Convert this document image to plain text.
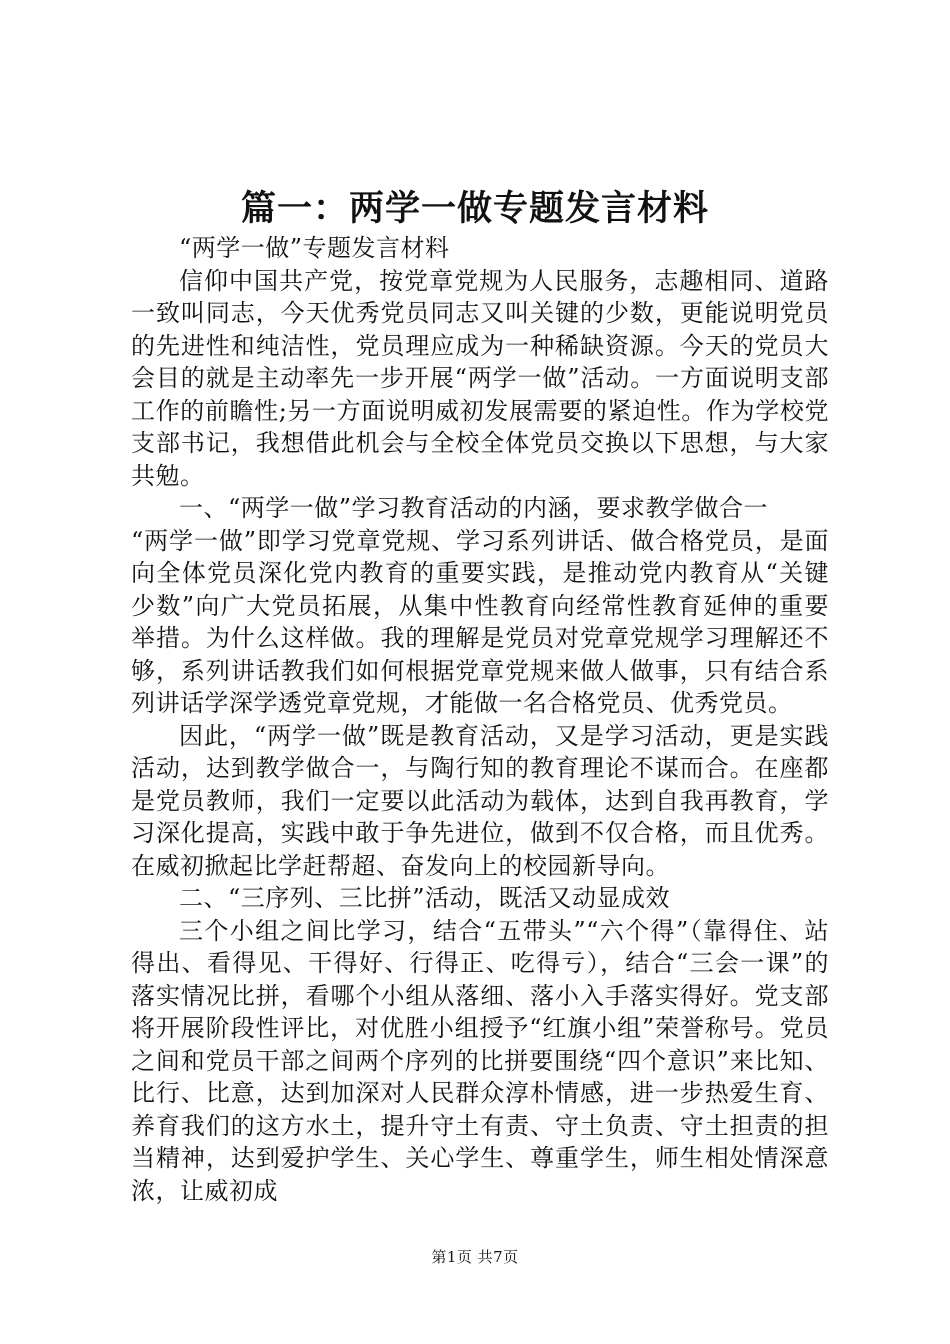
篇一：两学一做专题发言材料

“两学一做”专题发言材料

信仰中国共产党，按党章党规为人民服务，志趣相同、道路一致叫同志，今天优秀党员同志又叫关键的少数，更能说明党员的先进性和纯洁性，党员理应成为一种稀缺资源。今天的党员大会目的就是主动率先一步开展“两学一做”活动。一方面说明支部工作的前瞻性;另一方面说明威初发展需要的紧迫性。作为学校党支部书记，我想借此机会与全校全体党员交换以下思想，与大家共勉。

一、“两学一做”学习教育活动的内涵，要求教学做合一

“两学一做”即学习党章党规、学习系列讲话、做合格党员，是面向全体党员深化党内教育的重要实践，是推动党内教育从“关键少数”向广大党员拓展，从集中性教育向经常性教育延伸的重要举措。为什么这样做。我的理解是党员对党章党规学习理解还不够，系列讲话教我们如何根据党章党规来做人做事，只有结合系列讲话学深学透党章党规，才能做一名合格党员、优秀党员。

因此，“两学一做”既是教育活动，又是学习活动，更是实践活动，达到教学做合一，与陶行知的教育理论不谋而合。在座都是党员教师，我们一定要以此活动为载体，达到自我再教育，学习深化提高，实践中敢于争先进位，做到不仅合格，而且优秀。在威初掀起比学赶帮超、奋发向上的校园新导向。

二、“三序列、三比拼”活动，既活又动显成效

三个小组之间比学习，结合“五带头”“六个得”（靠得住、站得出、看得见、干得好、行得正、吃得亏），结合“三会一课”的落实情况比拼，看哪个小组从落细、落小入手落实得好。党支部将开展阶段性评比，对优胜小组授予“红旗小组”荣誉称号。党员之间和党员干部之间两个序列的比拼要围绕“四个意识”来比知、比行、比意，达到加深对人民群众淳朴情感，进一步热爱生育、养育我们的这方水土，提升守土有责、守土负责、守土担责的担当精神，达到爱护学生、关心学生、尊重学生，师生相处情深意浓，让威初成

第1页 共7页
